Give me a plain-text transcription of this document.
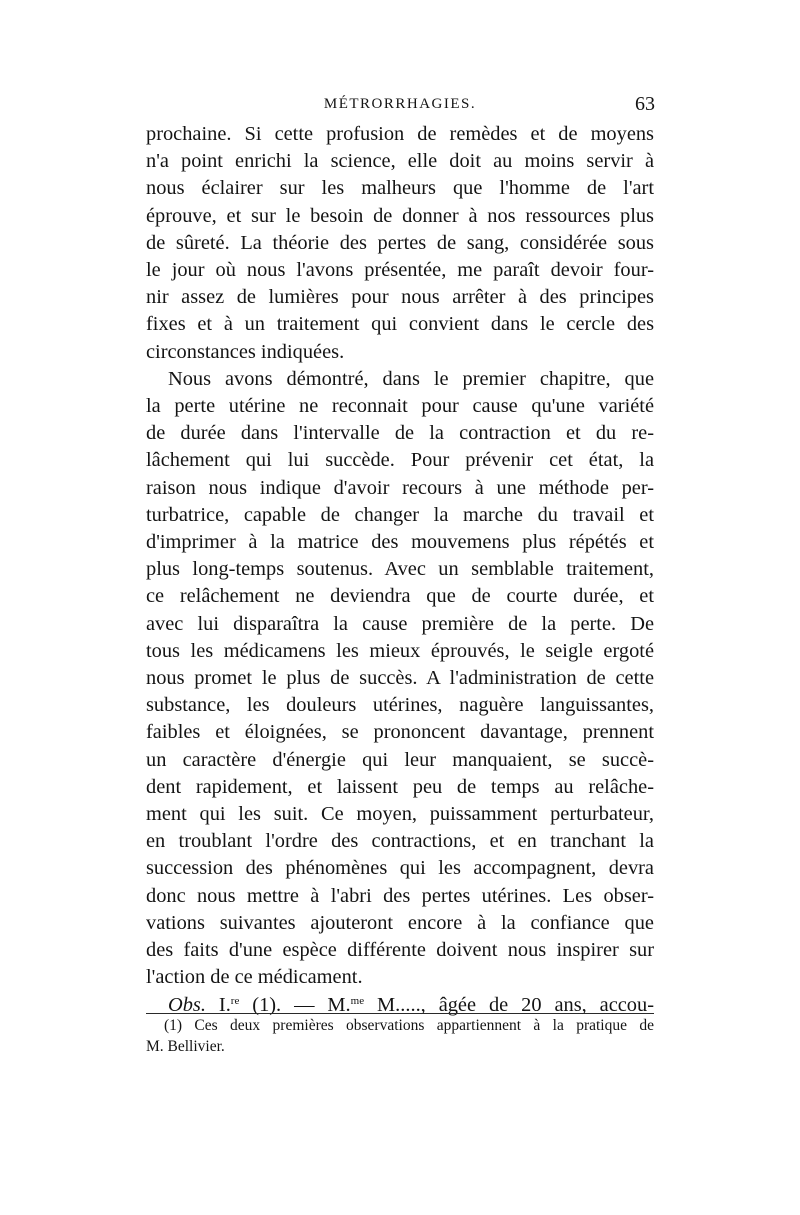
MÉTRORRHAGIES.	63
prochaine. Si cette profusion de remèdes et de moyens
n'a point enrichi la science, elle doit au moins servir à
nous éclairer sur les malheurs que l'homme de l'art
éprouve, et sur le besoin de donner à nos ressources plus
de sûreté. La théorie des pertes de sang, considérée sous
le jour où nous l'avons présentée, me paraît devoir four-
nir assez de lumières pour nous arrêter à des principes
fixes et à un traitement qui convient dans le cercle des
circonstances indiquées.
Nous avons démontré, dans le premier chapitre, que
la perte utérine ne reconnait pour cause qu'une variété
de durée dans l'intervalle de la contraction et du re-
lâchement qui lui succède. Pour prévenir cet état, la
raison nous indique d'avoir recours à une méthode per-
turbatrice, capable de changer la marche du travail et
d'imprimer à la matrice des mouvemens plus répétés et
plus long-temps soutenus. Avec un semblable traitement,
ce relâchement ne deviendra que de courte durée, et
avec lui disparaîtra la cause première de la perte. De
tous les médicamens les mieux éprouvés, le seigle ergoté
nous promet le plus de succès. A l'administration de cette
substance, les douleurs utérines, naguère languissantes,
faibles et éloignées, se prononcent davantage, prennent
un caractère d'énergie qui leur manquaient, se succè-
dent rapidement, et laissent peu de temps au relâche-
ment qui les suit. Ce moyen, puissamment perturbateur,
en troublant l'ordre des contractions, et en tranchant la
succession des phénomènes qui les accompagnent, devra
donc nous mettre à l'abri des pertes utérines. Les obser-
vations suivantes ajouteront encore à la confiance que
des faits d'une espèce différente doivent nous inspirer sur
l'action de ce médicament.
Obs. I.$^{re}$ (1). — M.$^{me}$ M....., âgée de 20 ans, accou-
(1) Ces deux premières observations appartiennent à la pratique de
M. Bellivier.
